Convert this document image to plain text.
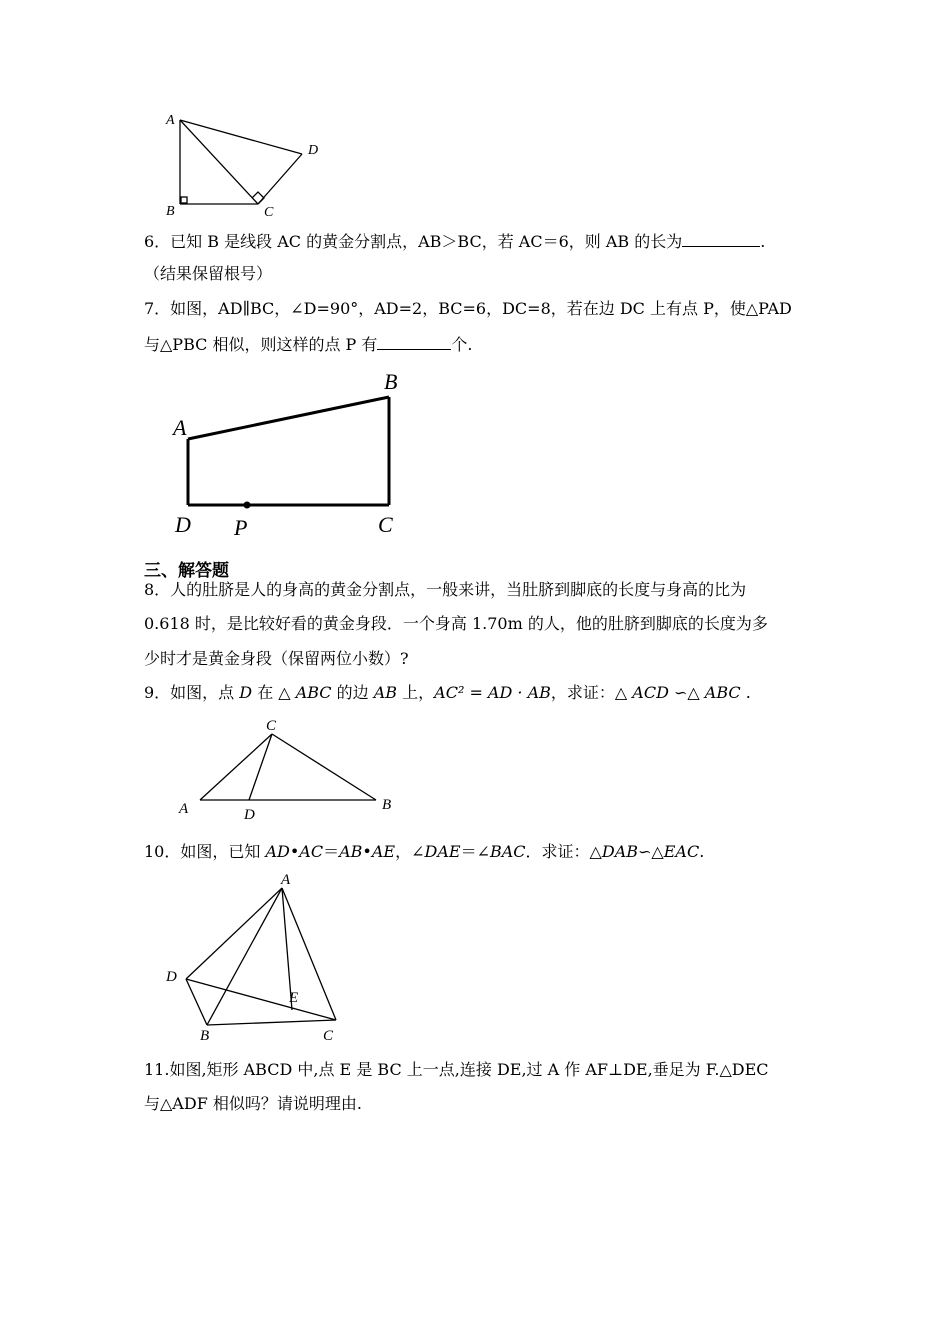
A
B	C
D
6．已知 B 是线段 AC 的黄金分割点，AB＞BC，若 AC＝6，则 AB 的长为	.
（结果保留根号）
7．如图，AD∥BC，∠D=90°，AD=2，BC=6，DC=8，若在边 DC 上有点 P，使△PAD
与△PBC 相似，则这样的点 P 有	个.
A
B
D P	C
三、解答题
8．人的肚脐是人的身高的黄金分割点，一般来讲，当肚脐到脚底的长度与身高的比为
0.618 时，是比较好看的黄金身段．一个身高 1.70m 的人，他的肚脐到脚底的长度为多
少时才是黄金身段（保留两位小数）?
9．如图，点 D 在 △ ABC 的边 AB 上，AC² = AD · AB，求证：△ ACD ∽△ ABC .
C
A	D
B
10．如图，已知 AD•AC＝AB•AE，∠DAE＝∠BAC．求证：△DAB∽△EAC.
A
D
E
B	C
11.如图,矩形 ABCD 中,点 E 是 BC 上一点,连接 DE,过 A 作 AF⊥DE,垂足为 F.△DEC
与△ADF 相似吗？请说明理由.
